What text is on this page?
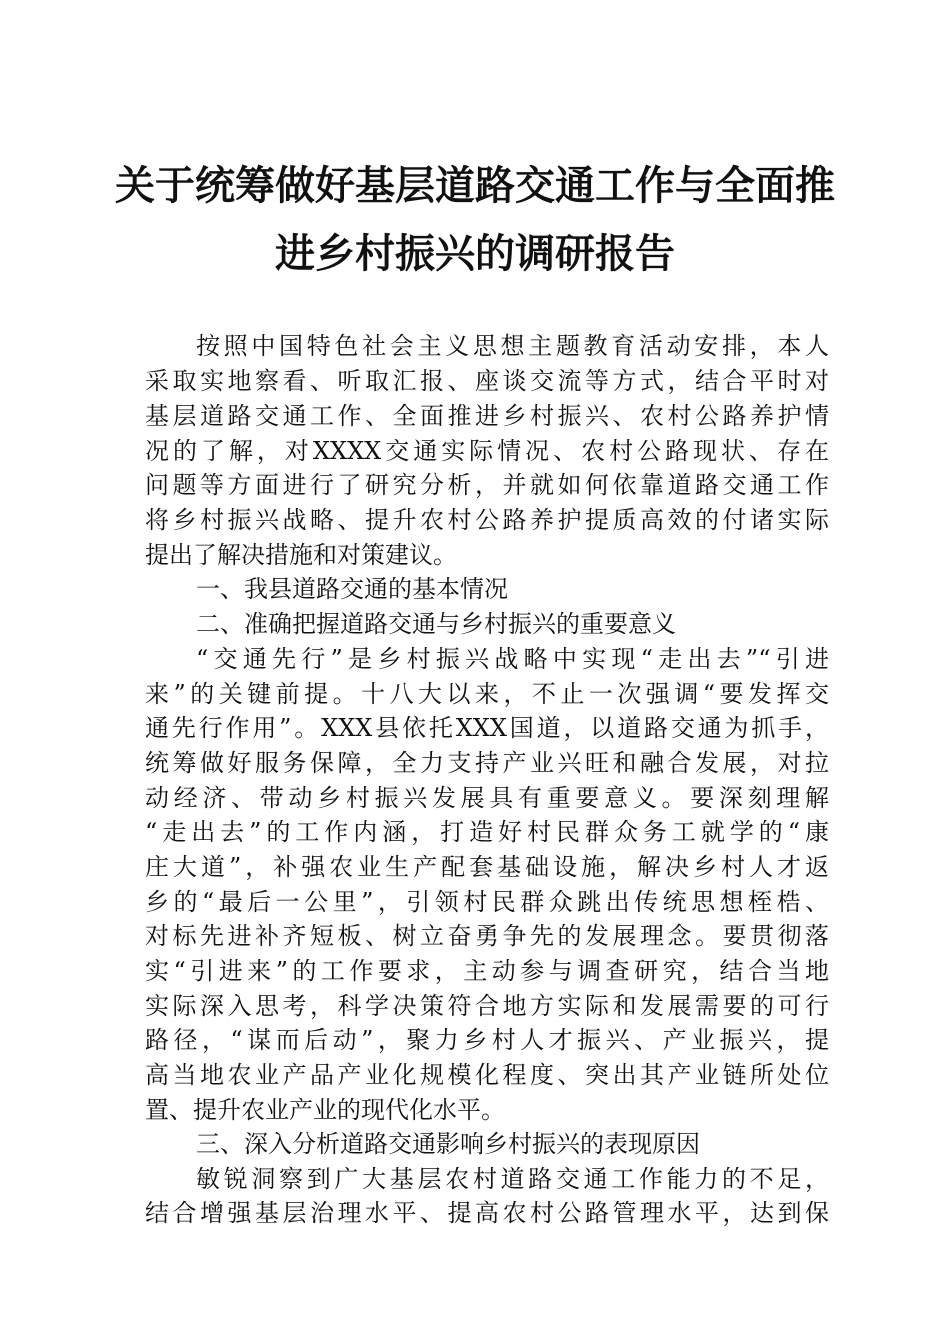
关于统筹做好基层道路交通工作与全面推
进乡村振兴的调研报告
按照中国特色社会主义思想主题教育活动安排，本人
采取实地察看、听取汇报、座谈交流等方式，结合平时对
基层道路交通工作、全面推进乡村振兴、农村公路养护情
况的了解，对XXXX交通实际情况、农村公路现状、存在
问题等方面进行了研究分析，并就如何依靠道路交通工作
将乡村振兴战略、提升农村公路养护提质高效的付诸实际
提出了解决措施和对策建议。
一、我县道路交通的基本情况
二、准确把握道路交通与乡村振兴的重要意义
“交通先行”是乡村振兴战略中实现“走出去”“引进
来”的关键前提。十八大以来，不止一次强调“要发挥交
通先行作用”。XXX县依托XXX国道，以道路交通为抓手，
统筹做好服务保障，全力支持产业兴旺和融合发展，对拉
动经济、带动乡村振兴发展具有重要意义。要深刻理解
“走出去”的工作内涵，打造好村民群众务工就学的“康
庄大道”，补强农业生产配套基础设施，解决乡村人才返
乡的“最后一公里”，引领村民群众跳出传统思想桎梏、
对标先进补齐短板、树立奋勇争先的发展理念。要贯彻落
实“引进来”的工作要求，主动参与调查研究，结合当地
实际深入思考，科学决策符合地方实际和发展需要的可行
路径，“谋而后动”，聚力乡村人才振兴、产业振兴，提
高当地农业产品产业化规模化程度、突出其产业链所处位
置、提升农业产业的现代化水平。
三、深入分析道路交通影响乡村振兴的表现原因
敏锐洞察到广大基层农村道路交通工作能力的不足，
结合增强基层治理水平、提高农村公路管理水平，达到保
